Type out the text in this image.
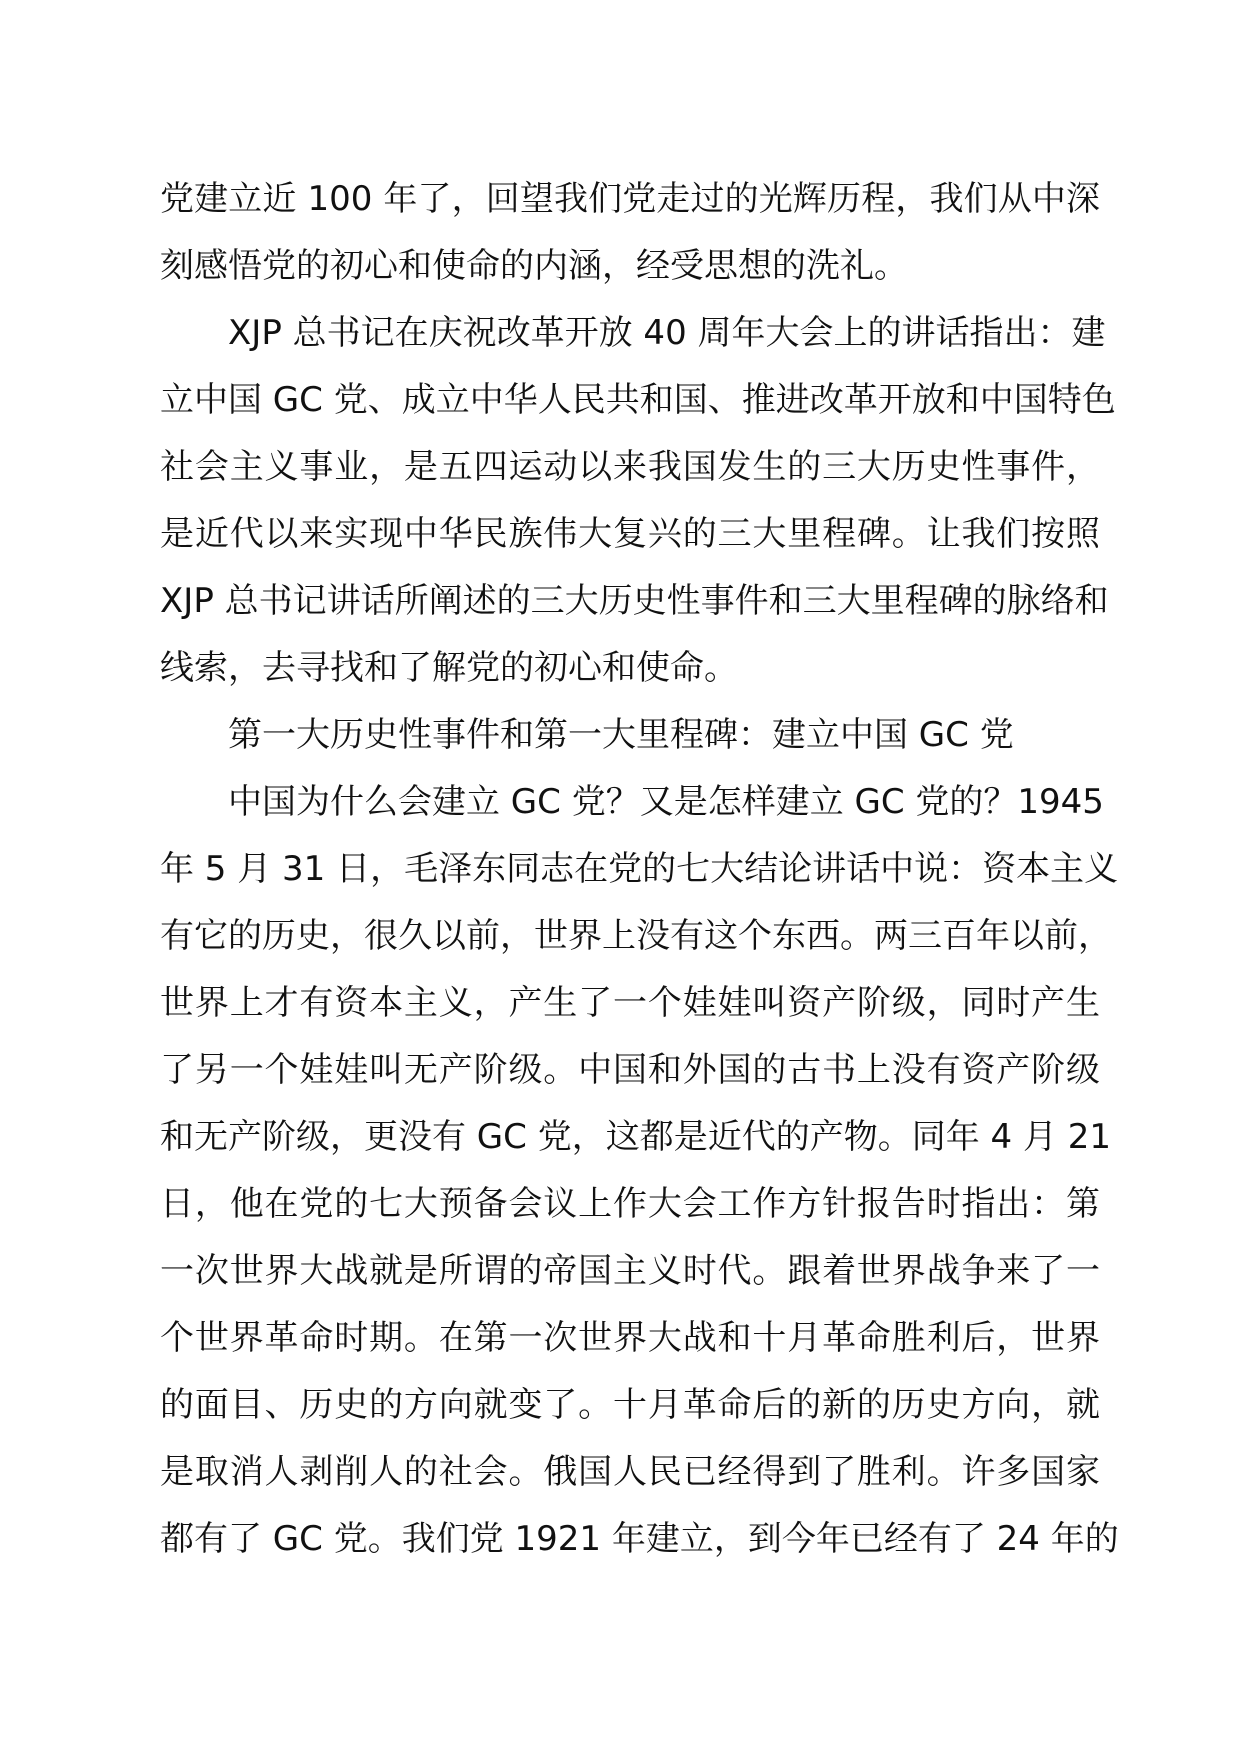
党建立近 100 年了，回望我们党走过的光辉历程，我们从中深
刻感悟党的初心和使命的内涵，经受思想的洗礼。
XJP 总书记在庆祝改革开放 40 周年大会上的讲话指出：建
立中国 GC 党、成立中华人民共和国、推进改革开放和中国特色
社会主义事业，是五四运动以来我国发生的三大历史性事件，
是近代以来实现中华民族伟大复兴的三大里程碑。让我们按照
XJP 总书记讲话所阐述的三大历史性事件和三大里程碑的脉络和
线索，去寻找和了解党的初心和使命。
第一大历史性事件和第一大里程碑：建立中国 GC 党
中国为什么会建立 GC 党？又是怎样建立 GC 党的？1945
年 5 月 31 日，毛泽东同志在党的七大结论讲话中说：资本主义
有它的历史，很久以前，世界上没有这个东西。两三百年以前，
世界上才有资本主义，产生了一个娃娃叫资产阶级，同时产生
了另一个娃娃叫无产阶级。中国和外国的古书上没有资产阶级
和无产阶级，更没有 GC 党，这都是近代的产物。同年 4 月 21
日，他在党的七大预备会议上作大会工作方针报告时指出：第
一次世界大战就是所谓的帝国主义时代。跟着世界战争来了一
个世界革命时期。在第一次世界大战和十月革命胜利后，世界
的面目、历史的方向就变了。十月革命后的新的历史方向，就
是取消人剥削人的社会。俄国人民已经得到了胜利。许多国家
都有了 GC 党。我们党 1921 年建立，到今年已经有了 24 年的
